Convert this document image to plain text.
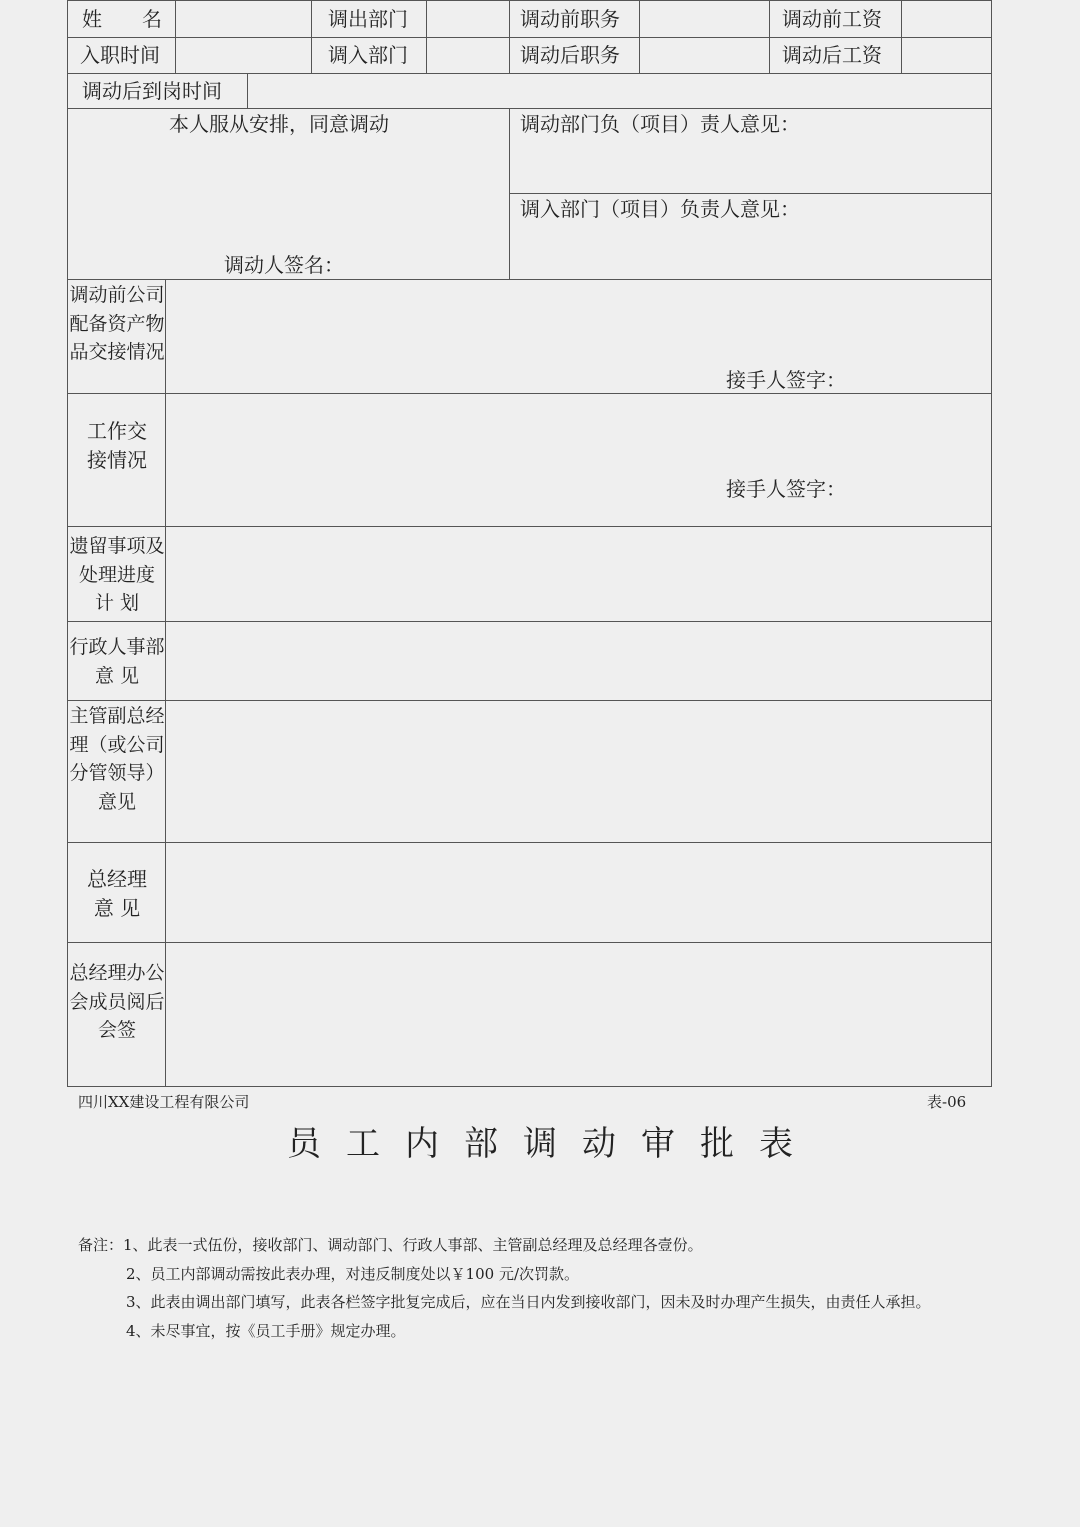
姓　　名	调出部门	调动前职务	调动前工资
入职时间	调入部门	调动后职务	调动后工资
调动后到岗时间
本人服从安排，同意调动
调动人签名：
调动部门负（项目）责人意见：
调入部门（项目）负责人意见：
调动前公司配备资产物品交接情况
接手人签字：
工作交接情况
接手人签字：
遗留事项及处理进度 计 划
行政人事部 意 见
主管副总经理（或公司分管领导）意见
总经理意 见
总经理办公会成员阅后会签
四川XX建设工程有限公司	表-06
员工内部调动审批表
备注：1、此表一式伍份，接收部门、调动部门、行政人事部、主管副总经理及总经理各壹份。
2、员工内部调动需按此表办理，对违反制度处以￥100 元/次罚款。
3、此表由调出部门填写，此表各栏签字批复完成后，应在当日内发到接收部门，因未及时办理产生损失，由责任人承担。
4、未尽事宜，按《员工手册》规定办理。
